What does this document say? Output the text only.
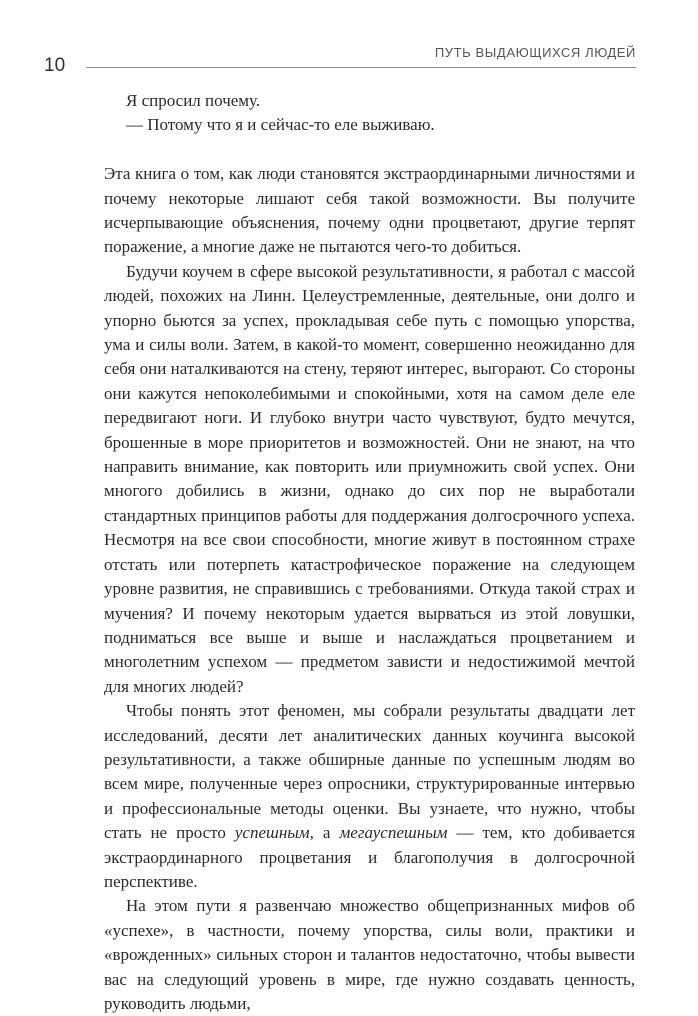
10
ПУТЬ ВЫДАЮЩИХСЯ ЛЮДЕЙ

Я спросил почему.

— Потому что я и сейчас-то еле выживаю.

Эта книга о том, как люди становятся экстраординарными личностями и почему некоторые лишают себя такой возможности. Вы получите исчерпывающие объяснения, почему одни процветают, другие терпят поражение, а многие даже не пытаются чего-то добиться.

Будучи коучем в сфере высокой результативности, я работал с массой людей, похожих на Линн. Целеустремленные, деятельные, они долго и упорно бьются за успех, прокладывая себе путь с помощью упорства, ума и силы воли. Затем, в какой-то момент, совершенно неожиданно для себя они наталкиваются на стену, теряют интерес, выгорают. Со стороны они кажутся непоколебимыми и спокойными, хотя на самом деле еле передвигают ноги. И глубоко внутри часто чувствуют, будто мечутся, брошенные в море приоритетов и возможностей. Они не знают, на что направить внимание, как повторить или приумножить свой успех. Они многого добились в жизни, однако до сих пор не выработали стандартных принципов работы для поддержания долгосрочного успеха. Несмотря на все свои способности, многие живут в постоянном страхе отстать или потерпеть катастрофическое поражение на следующем уровне развития, не справившись с требованиями. Откуда такой страх и мучения? И почему некоторым удается вырваться из этой ловушки, подниматься все выше и выше и наслаждаться процветанием и многолетним успехом — предметом зависти и недостижимой мечтой для многих людей?

Чтобы понять этот феномен, мы собрали результаты двадцати лет исследований, десяти лет аналитических данных коучинга высокой результативности, а также обширные данные по успешным людям во всем мире, полученные через опросники, структурированные интервью и профессиональные методы оценки. Вы узнаете, что нужно, чтобы стать не просто успешным, а мегауспешным — тем, кто добивается экстраординарного процветания и благополучия в долгосрочной перспективе.

На этом пути я развенчаю множество общепризнанных мифов об «успехе», в частности, почему упорства, силы воли, практики и «врожденных» сильных сторон и талантов недостаточно, чтобы вывести вас на следующий уровень в мире, где нужно создавать ценность, руководить людьми,
